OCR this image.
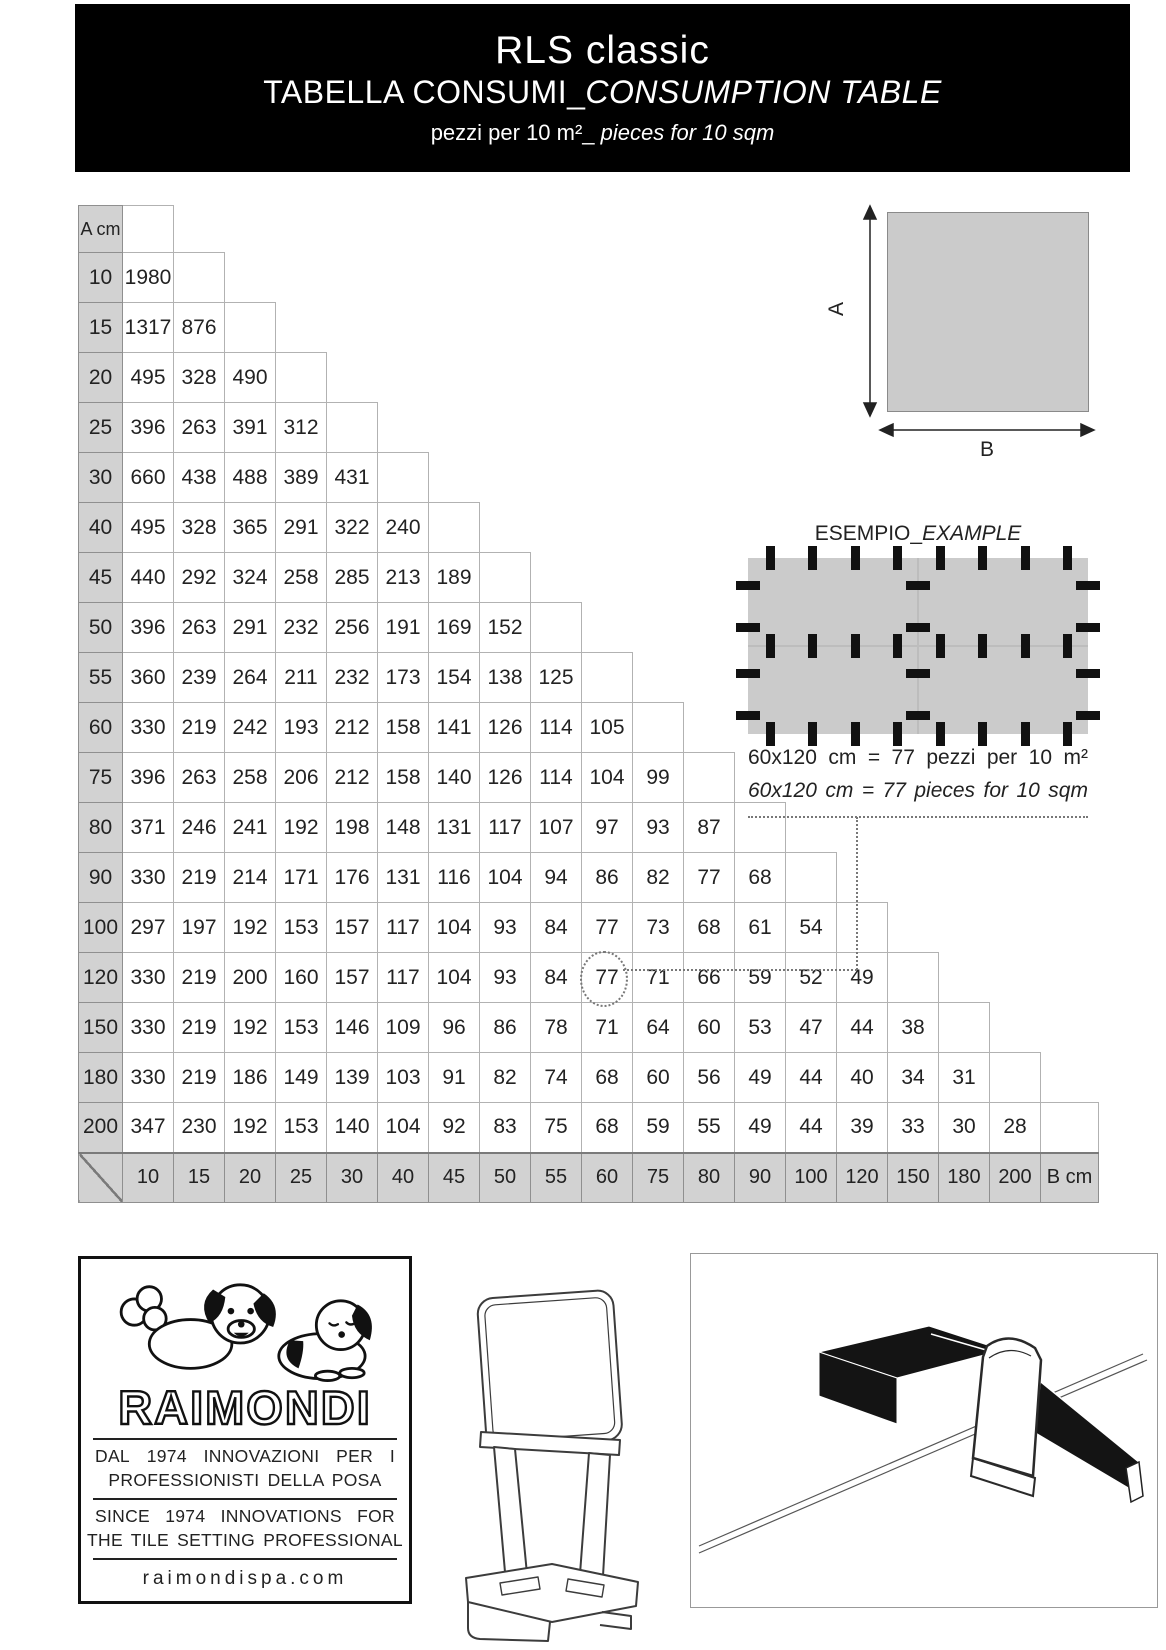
RLS classic
TABELLA CONSUMI_CONSUMPTION TABLE
pezzi per 10 m²_ pieces for 10 sqm
A cm																			
10	1980																		
15	1317	876																	
20	495	328	490																
25	396	263	391	312															
30	660	438	488	389	431														
40	495	328	365	291	322	240													
45	440	292	324	258	285	213	189												
50	396	263	291	232	256	191	169	152											
55	360	239	264	211	232	173	154	138	125										
60	330	219	242	193	212	158	141	126	114	105									
75	396	263	258	206	212	158	140	126	114	104	99								
80	371	246	241	192	198	148	131	117	107	97	93	87							
90	330	219	214	171	176	131	116	104	94	86	82	77	68						
100	297	197	192	153	157	117	104	93	84	77	73	68	61	54					
120	330	219	200	160	157	117	104	93	84	77	71	66	59	52	49				
150	330	219	192	153	146	109	96	86	78	71	64	60	53	47	44	38			
180	330	219	186	149	139	103	91	82	74	68	60	56	49	44	40	34	31		
200	347	230	192	153	140	104	92	83	75	68	59	55	49	44	39	33	30	28	
	10	15	20	25	30	40	45	50	55	60	75	80	90	100	120	150	180	200	B cm
A
B
ESEMPIO_EXAMPLE
60x120 cm = 77 pezzi per 10 m²
60x120 cm = 77 pieces for 10 sqm
RAIMONDI
DAL 1974 INNOVAZIONI PER I
PROFESSIONISTI DELLA POSA
SINCE 1974 INNOVATIONS FOR
THE TILE SETTING PROFESSIONAL
raimondispa.com
